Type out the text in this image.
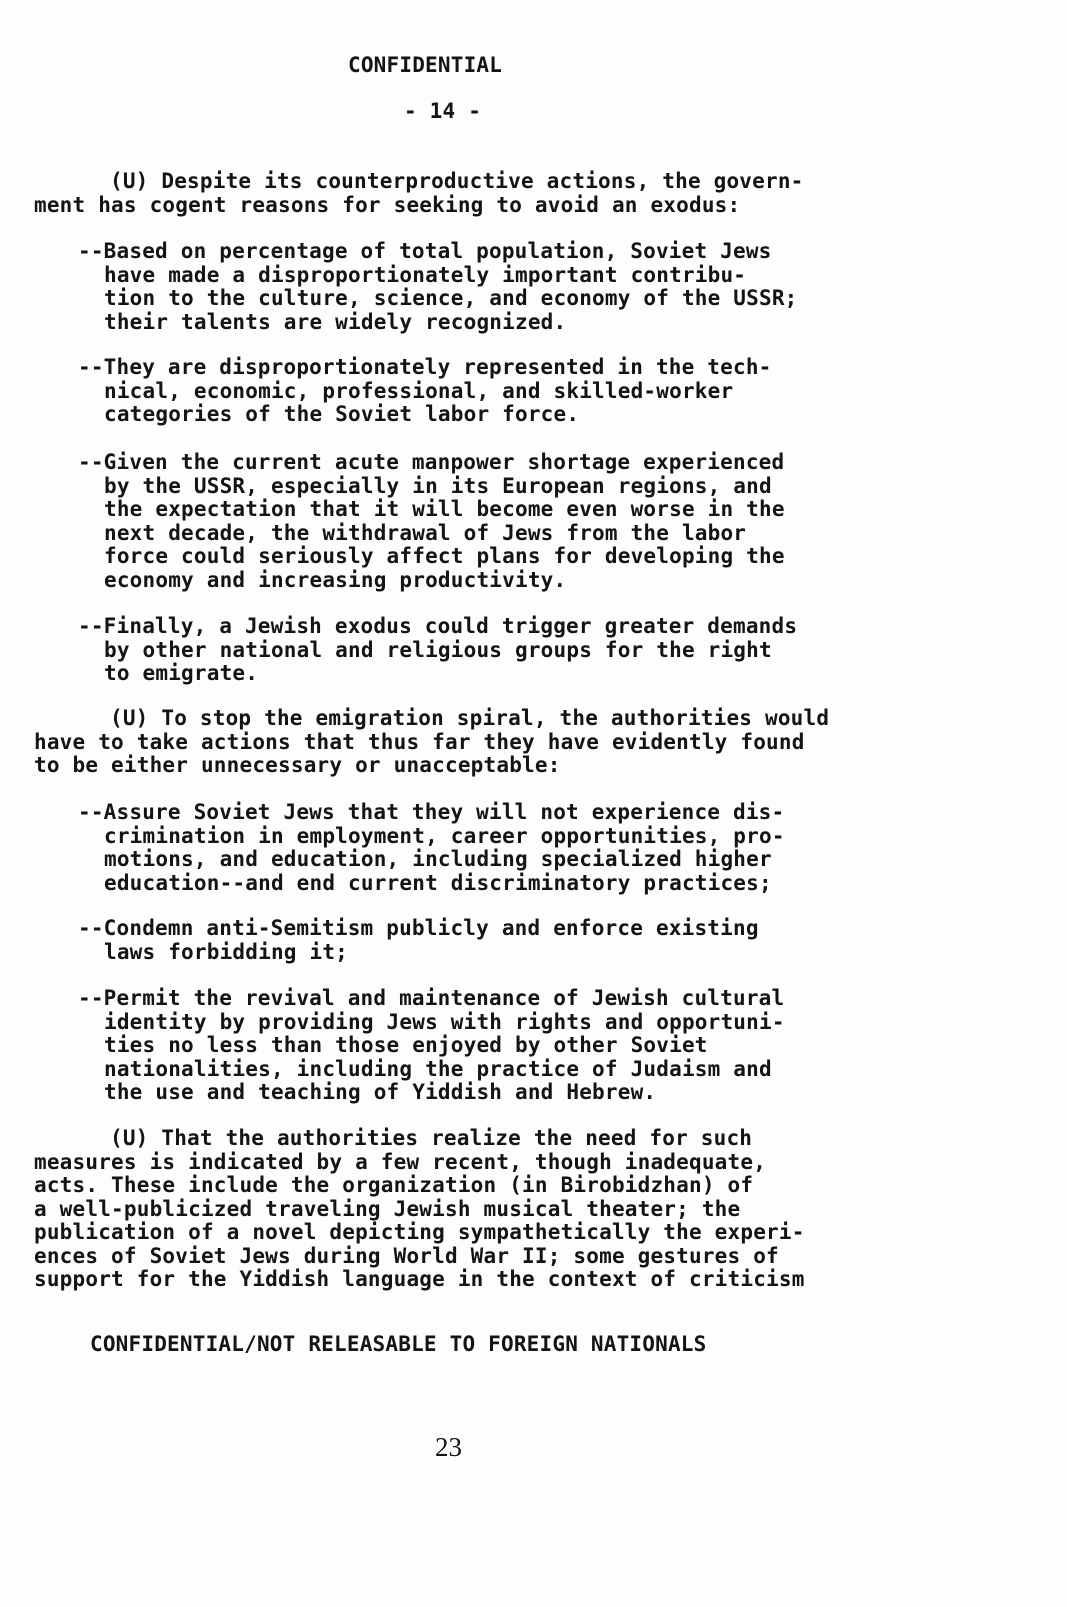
CONFIDENTIAL
- 14 -
(U) Despite its counterproductive actions, the govern-
ment has cogent reasons for seeking to avoid an exodus:
--Based on percentage of total population, Soviet Jews
have made a disproportionately important contribu-
tion to the culture, science, and economy of the USSR;
their talents are widely recognized.
--They are disproportionately represented in the tech-
nical, economic, professional, and skilled-worker
categories of the Soviet labor force.
--Given the current acute manpower shortage experienced
by the USSR, especially in its European regions, and
the expectation that it will become even worse in the
next decade, the withdrawal of Jews from the labor
force could seriously affect plans for developing the
economy and increasing productivity.
--Finally, a Jewish exodus could trigger greater demands
by other national and religious groups for the right
to emigrate.
(U) To stop the emigration spiral, the authorities would
have to take actions that thus far they have evidently found
to be either unnecessary or unacceptable:
--Assure Soviet Jews that they will not experience dis-
crimination in employment, career opportunities, pro-
motions, and education, including specialized higher
education--and end current discriminatory practices;
--Condemn anti-Semitism publicly and enforce existing
laws forbidding it;
--Permit the revival and maintenance of Jewish cultural
identity by providing Jews with rights and opportuni-
ties no less than those enjoyed by other Soviet
nationalities, including the practice of Judaism and
the use and teaching of Yiddish and Hebrew.
(U) That the authorities realize the need for such
measures is indicated by a few recent, though inadequate,
acts. These include the organization (in Birobidzhan) of
a well-publicized traveling Jewish musical theater; the
publication of a novel depicting sympathetically the experi-
ences of Soviet Jews during World War II; some gestures of
support for the Yiddish language in the context of criticism
CONFIDENTIAL/NOT RELEASABLE TO FOREIGN NATIONALS
23
